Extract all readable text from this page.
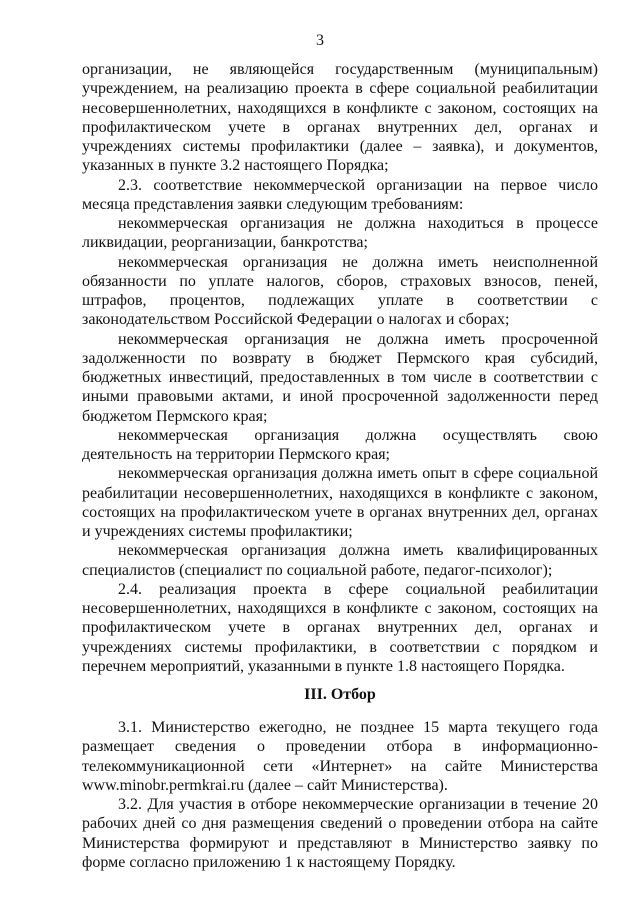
3

организации, не являющейся государственным (муниципальным) учреждением, на реализацию проекта в сфере социальной реабилитации несовершеннолетних, находящихся в конфликте с законом, состоящих на профилактическом учете в органах внутренних дел, органах и учреждениях системы профилактики (далее – заявка), и документов, указанных в пункте 3.2 настоящего Порядка;

2.3. соответствие некоммерческой организации на первое число месяца представления заявки следующим требованиям:

некоммерческая организация не должна находиться в процессе ликвидации, реорганизации, банкротства;

некоммерческая организация не должна иметь неисполненной обязанности по уплате налогов, сборов, страховых взносов, пеней, штрафов, процентов, подлежащих уплате в соответствии с законодательством Российской Федерации о налогах и сборах;

некоммерческая организация не должна иметь просроченной задолженности по возврату в бюджет Пермского края субсидий, бюджетных инвестиций, предоставленных в том числе в соответствии с иными правовыми актами, и иной просроченной задолженности перед бюджетом Пермского края;

некоммерческая организация должна осуществлять свою деятельность на территории Пермского края;

некоммерческая организация должна иметь опыт в сфере социальной реабилитации несовершеннолетних, находящихся в конфликте с законом, состоящих на профилактическом учете в органах внутренних дел, органах и учреждениях системы профилактики;

некоммерческая организация должна иметь квалифицированных специалистов (специалист по социальной работе, педагог-психолог);

2.4. реализация проекта в сфере социальной реабилитации несовершеннолетних, находящихся в конфликте с законом, состоящих на профилактическом учете в органах внутренних дел, органах и учреждениях системы профилактики, в соответствии с порядком и перечнем мероприятий, указанными в пункте 1.8 настоящего Порядка.

III. Отбор

3.1. Министерство ежегодно, не позднее 15 марта текущего года размещает сведения о проведении отбора в информационно-телекоммуникационной сети «Интернет» на сайте Министерства www.minobr.permkrai.ru (далее – сайт Министерства).

3.2. Для участия в отборе некоммерческие организации в течение 20 рабочих дней со дня размещения сведений о проведении отбора на сайте Министерства формируют и представляют в Министерство заявку по форме согласно приложению 1 к настоящему Порядку.
